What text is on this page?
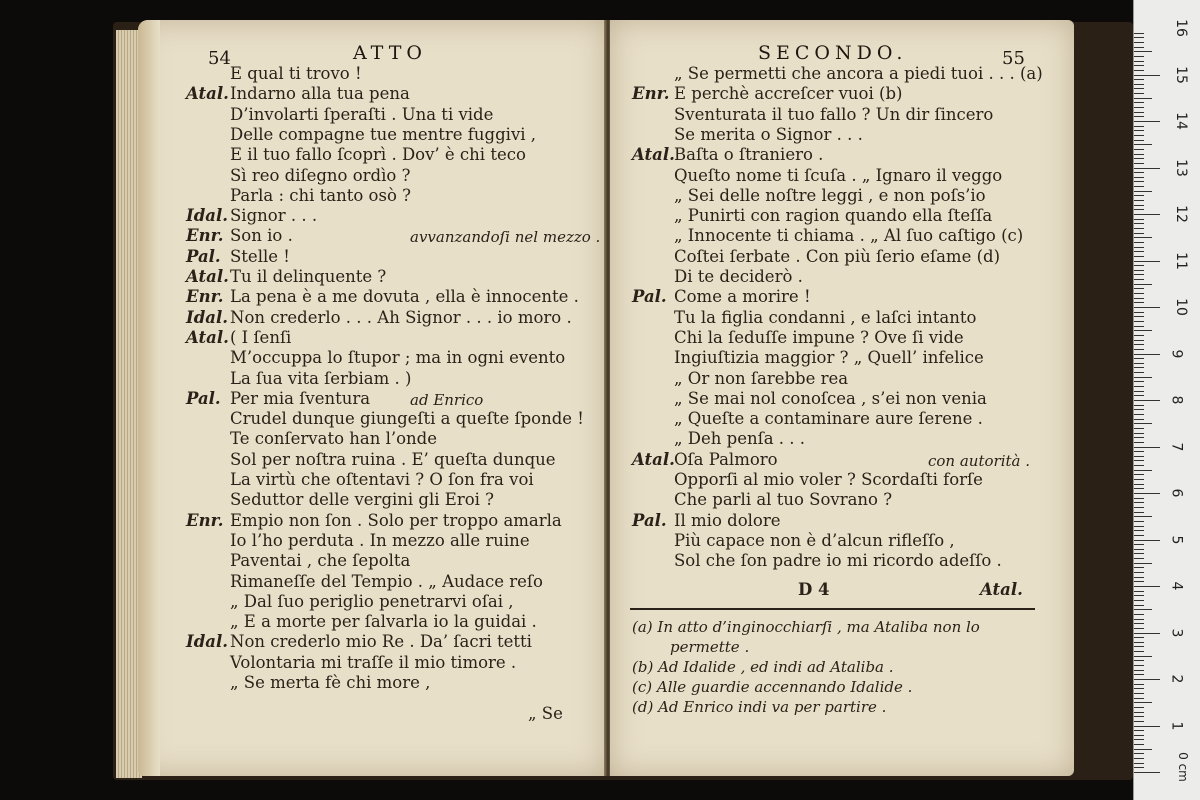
54	ATTO
E qual ti trovo !
Atal. Indarno alla tua pena
D’involarti ſperaſti . Una ti vide
Delle compagne tue mentre fuggivi ,
E il tuo fallo ſcoprì . Dov’ è chi teco
Sì reo diſegno ordìo ?
Parla : chi tanto osò ?
Idal. Signor . . .
Enr. Son io .	avvanzandoſi nel mezzo .
Pal. Stelle !
Atal. Tu il delinquente ?
Enr. La pena è a me dovuta , ella è innocente .
Idal. Non crederlo . . . Ah Signor . . . io moro .
Atal. ( I ſenſi
M’occuppa lo ſtupor ; ma in ogni evento
La ſua vita ſerbiam . )
Pal. Per mia ſventura	ad Enrico
Crudel dunque giungeſti a queſte ſponde !
Te conſervato han l’onde
Sol per noſtra ruina . E’ queſta dunque
La virtù che oſtentavi ? O ſon fra voi
Seduttor delle vergini gli Eroi ?
Enr. Empio non ſon . Solo per troppo amarla
Io l’ho perduta . In mezzo alle ruine
Paventai , che ſepolta
Rimaneſſe del Tempio . „ Audace reſo
„ Dal ſuo periglio penetrarvi oſai ,
„ E a morte per ſalvarla io la guidai .
Idal. Non crederlo mio Re . Da’ ſacri tetti
Volontaria mi traſſe il mio timore .
„ Se merta fè chi more ,
„ Se
SECONDO.	55
„ Se permetti che ancora a piedi tuoi . . . (a)
Enr. E perchè accreſcer vuoi (b)
Sventurata il tuo fallo ? Un dir ſincero
Se merita o Signor . . .
Atal. Baſta o ſtraniero .
Queſto nome ti ſcuſa . „ Ignaro il veggo
„ Sei delle noſtre leggi , e non poſs’io
„ Punirti con ragion quando ella ſteſſa
„ Innocente ti chiama . „ Al ſuo caſtigo (c)
Coſtei ſerbate . Con più ſerio eſame (d)
Di te deciderò .
Pal. Come a morire !
Tu la figlia condanni , e laſci intanto
Chi la ſeduſſe impune ? Ove ſi vide
Ingiuſtizia maggior ? „ Quell’ infelice
„ Or non ſarebbe rea
„ Se mai nol conoſcea , s’ei non venia
„ Queſte a contaminare aure ſerene .
„ Deh penſa . . .
Atal. Oſa Palmoro	con autorità .
Opporſi al mio voler ? Scordaſti forſe
Che parli al tuo Sovrano ?
Pal. Il mio dolore
Più capace non è d’alcun rifleſſo ,
Sol che ſon padre io mi ricordo adeſſo .
D 4	Atal.
(a) In atto d’inginocchiarſi , ma Ataliba non lo
permette .
(b) Ad Idalide , ed indi ad Ataliba .
(c) Alle guardie accennando Idalide .
(d) Ad Enrico indi va per partire .
0 cm
1
2
3
4
5
6
7
8
9
10
11
12
13
14
15
16
